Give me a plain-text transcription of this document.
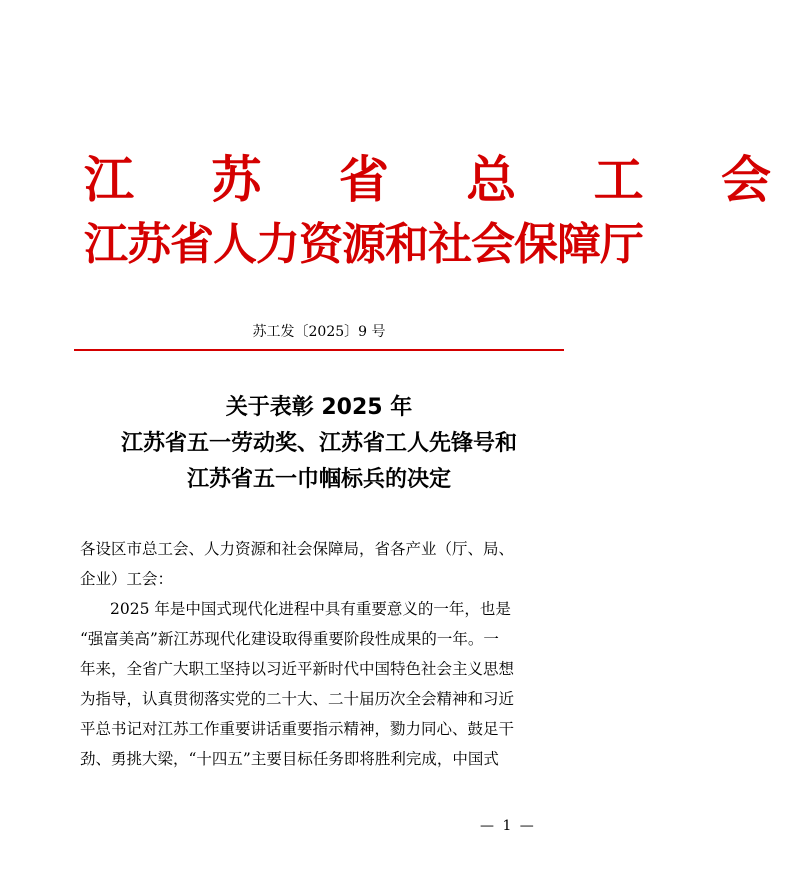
江 苏 省 总 工 会
江苏省人力资源和社会保障厅
苏工发〔2025〕9 号
关于表彰 2025 年
江苏省五一劳动奖、江苏省工人先锋号和
江苏省五一巾帼标兵的决定
各设区市总工会、人力资源和社会保障局，省各产业（厅、局、
企业）工会：
2025 年是中国式现代化进程中具有重要意义的一年，也是
“强富美高”新江苏现代化建设取得重要阶段性成果的一年。一
年来，全省广大职工坚持以习近平新时代中国特色社会主义思想
为指导，认真贯彻落实党的二十大、二十届历次全会精神和习近
平总书记对江苏工作重要讲话重要指示精神，勠力同心、鼓足干
劲、勇挑大梁，“十四五”主要目标任务即将胜利完成，中国式
— 1 —
